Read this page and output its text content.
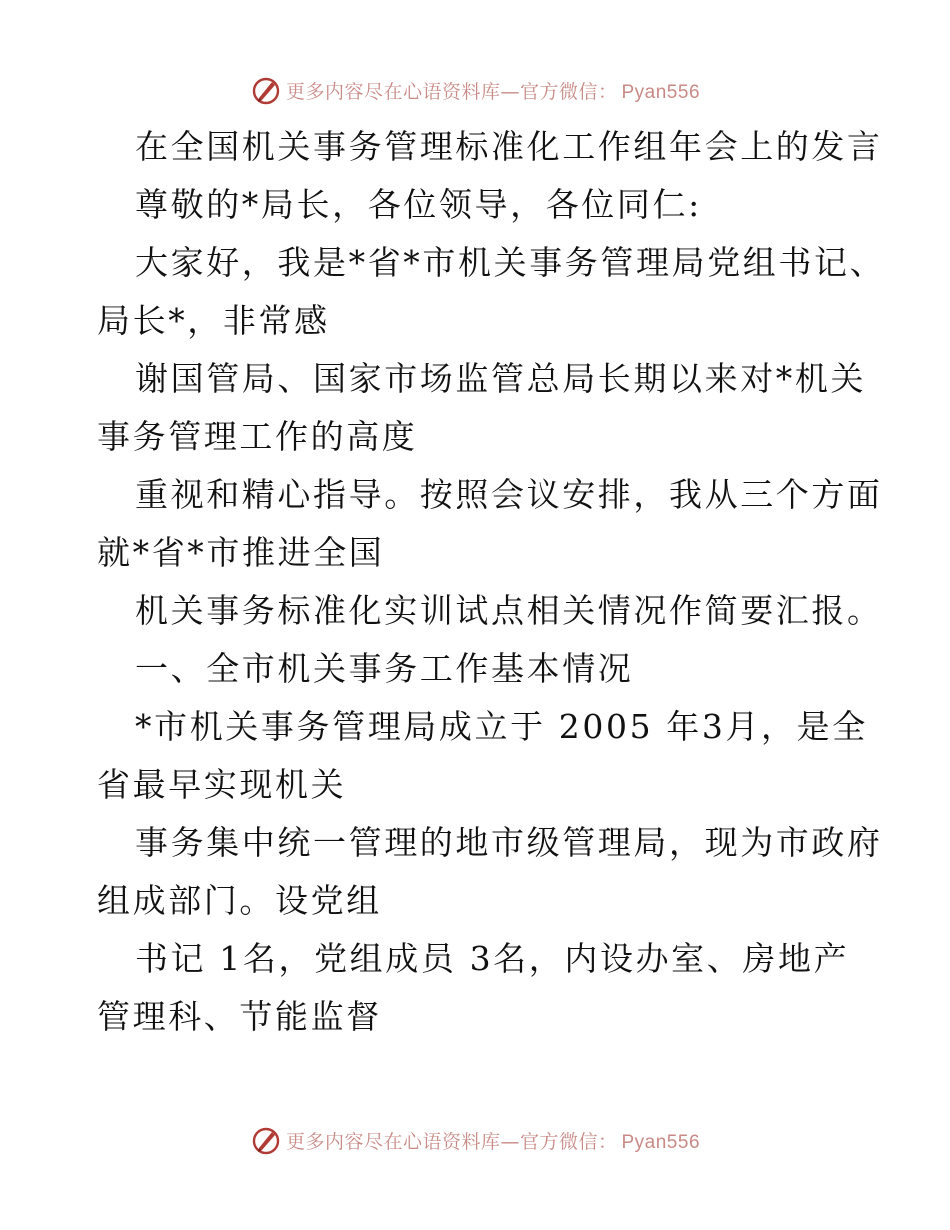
更多内容尽在心语资料库—官方微信： Pyan556
在全国机关事务管理标准化工作组年会上的发言
尊敬的*局长，各位领导，各位同仁:
大家好，我是*省*市机关事务管理局党组书记、
局长*，非常感
谢国管局、国家市场监管总局长期以来对*机关
事务管理工作的高度
重视和精心指导。按照会议安排，我从三个方面
就*省*市推进全国
机关事务标准化实训试点相关情况作简要汇报。
一、全市机关事务工作基本情况
*市机关事务管理局成立于 2005 年3月，是全
省最早实现机关
事务集中统一管理的地市级管理局，现为市政府
组成部门。设党组
书记 1名，党组成员 3名，内设办室、房地产
管理科、节能监督
更多内容尽在心语资料库—官方微信： Pyan556
